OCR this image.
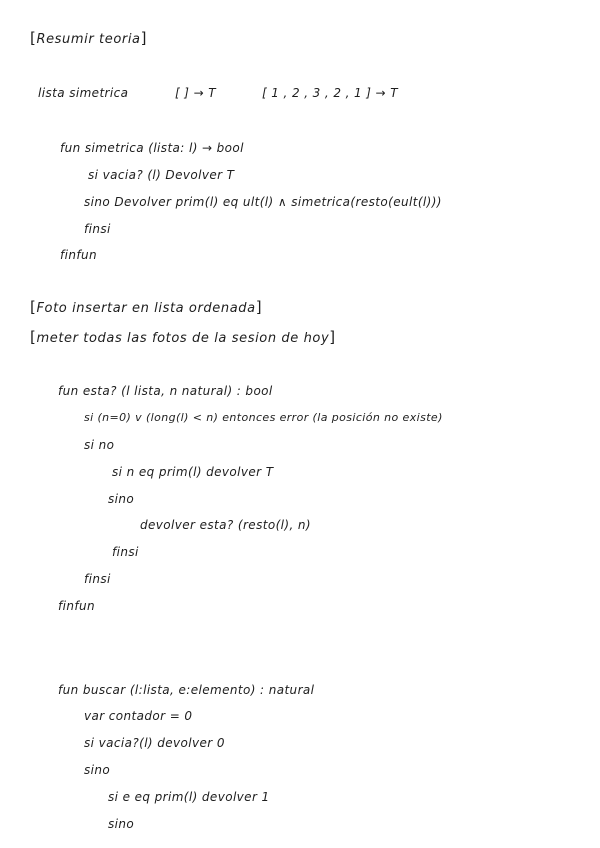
[Resumir teoria]
lista simetrica	[ ] → T	[ 1 , 2 , 3 , 2 , 1 ] → T
fun simetrica (lista: l) → bool
si vacia? (l) Devolver T
sino Devolver prim(l) eq ult(l) ∧ simetrica(resto(eult(l)))
finsi
finfun
[Foto insertar en lista ordenada]
[meter todas las fotos de la sesion de hoy]
fun esta? (l lista, n natural) : bool
si (n=0) v (long(l) < n) entonces error (la posición no existe)
si no
si n eq prim(l) devolver T
sino
devolver esta? (resto(l), n)
finsi
finsi
finfun
fun buscar (l:lista, e:elemento) : natural
var contador = 0
si vacia?(l) devolver 0
sino
si e eq prim(l) devolver 1
sino
